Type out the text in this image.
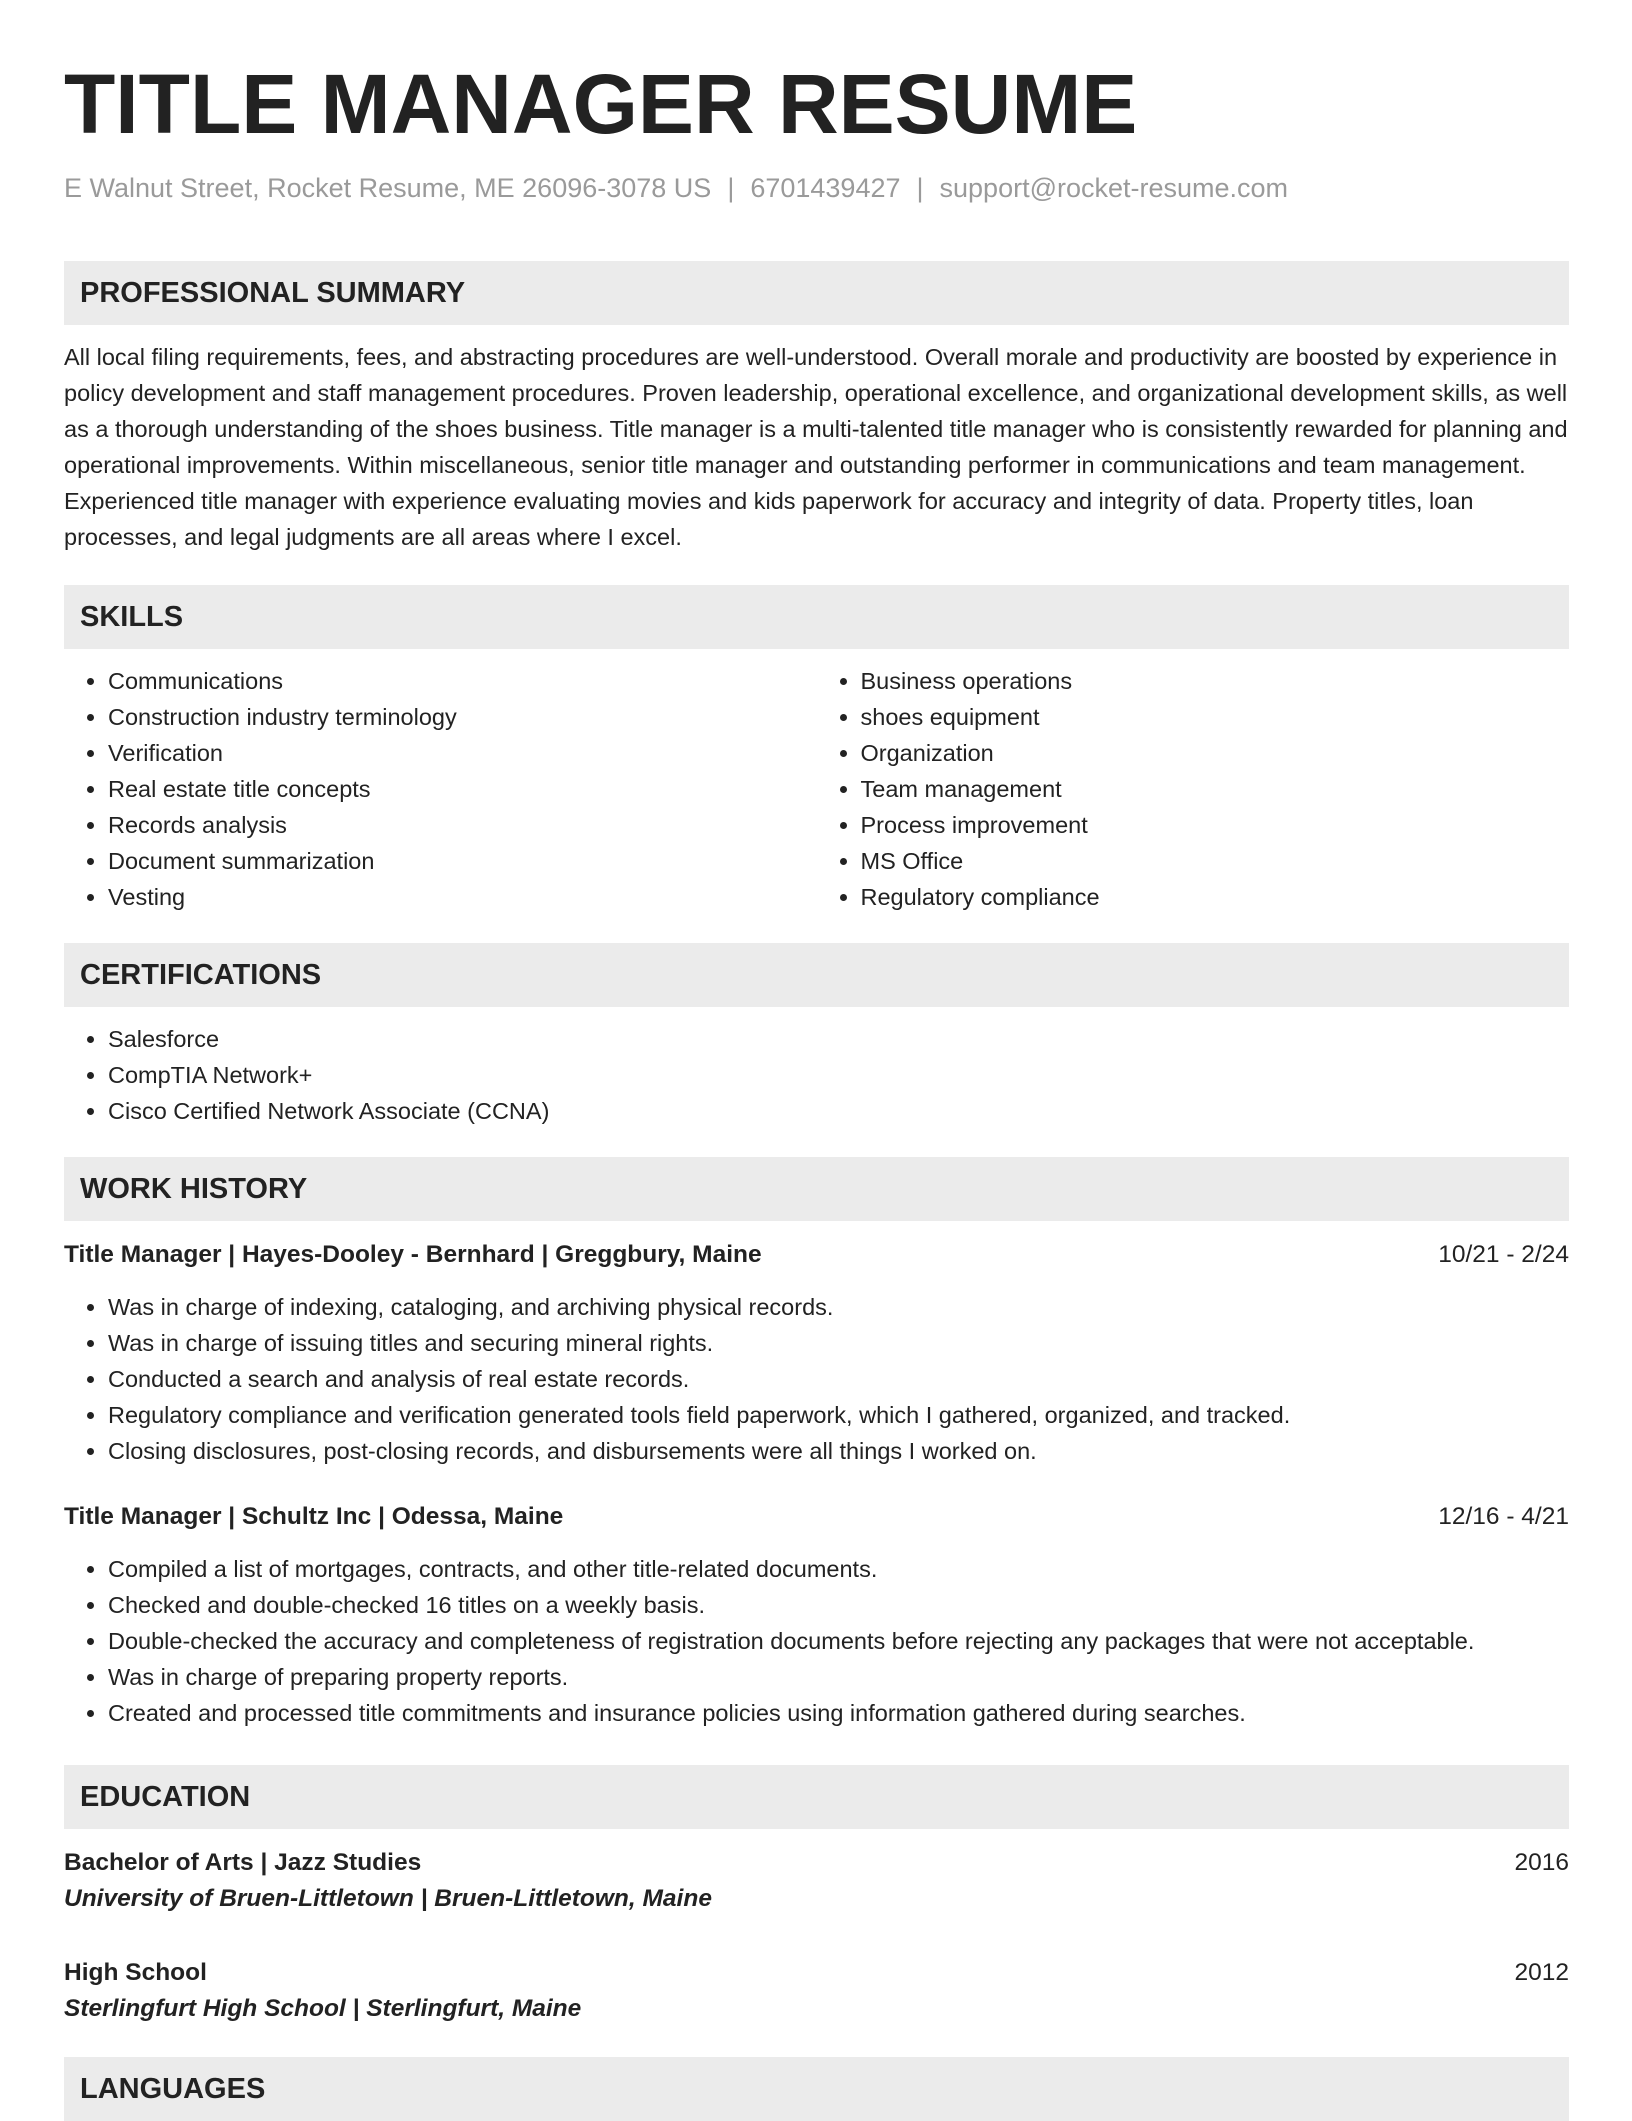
TITLE MANAGER RESUME
E Walnut Street, Rocket Resume, ME 26096-3078 US | 6701439427 | support@rocket-resume.com
PROFESSIONAL SUMMARY

All local filing requirements, fees, and abstracting procedures are well-understood. Overall morale and productivity are boosted by experience in policy development and staff management procedures. Proven leadership, operational excellence, and organizational development skills, as well as a thorough understanding of the shoes business. Title manager is a multi-talented title manager who is consistently rewarded for planning and operational improvements. Within miscellaneous, senior title manager and outstanding performer in communications and team management. Experienced title manager with experience evaluating movies and kids paperwork for accuracy and integrity of data. Property titles, loan processes, and legal judgments are all areas where I excel.

SKILLS
• Communications
• Construction industry terminology
• Verification
• Real estate title concepts
• Records analysis
• Document summarization
• Vesting
• Business operations
• shoes equipment
• Organization
• Team management
• Process improvement
• MS Office
• Regulatory compliance
CERTIFICATIONS
• Salesforce
• CompTIA Network+
• Cisco Certified Network Associate (CCNA)
WORK HISTORY
Title Manager | Hayes-Dooley - Bernhard | Greggbury, Maine	10/21 - 2/24
• Was in charge of indexing, cataloging, and archiving physical records.
• Was in charge of issuing titles and securing mineral rights.
• Conducted a search and analysis of real estate records.
• Regulatory compliance and verification generated tools field paperwork, which I gathered, organized, and tracked.
• Closing disclosures, post-closing records, and disbursements were all things I worked on.
Title Manager | Schultz Inc | Odessa, Maine	12/16 - 4/21
• Compiled a list of mortgages, contracts, and other title-related documents.
• Checked and double-checked 16 titles on a weekly basis.
• Double-checked the accuracy and completeness of registration documents before rejecting any packages that were not acceptable.
• Was in charge of preparing property reports.
• Created and processed title commitments and insurance policies using information gathered during searches.
EDUCATION
Bachelor of Arts | Jazz Studies	2016
University of Bruen-Littletown | Bruen-Littletown, Maine
High School	2012
Sterlingfurt High School | Sterlingfurt, Maine
LANGUAGES
